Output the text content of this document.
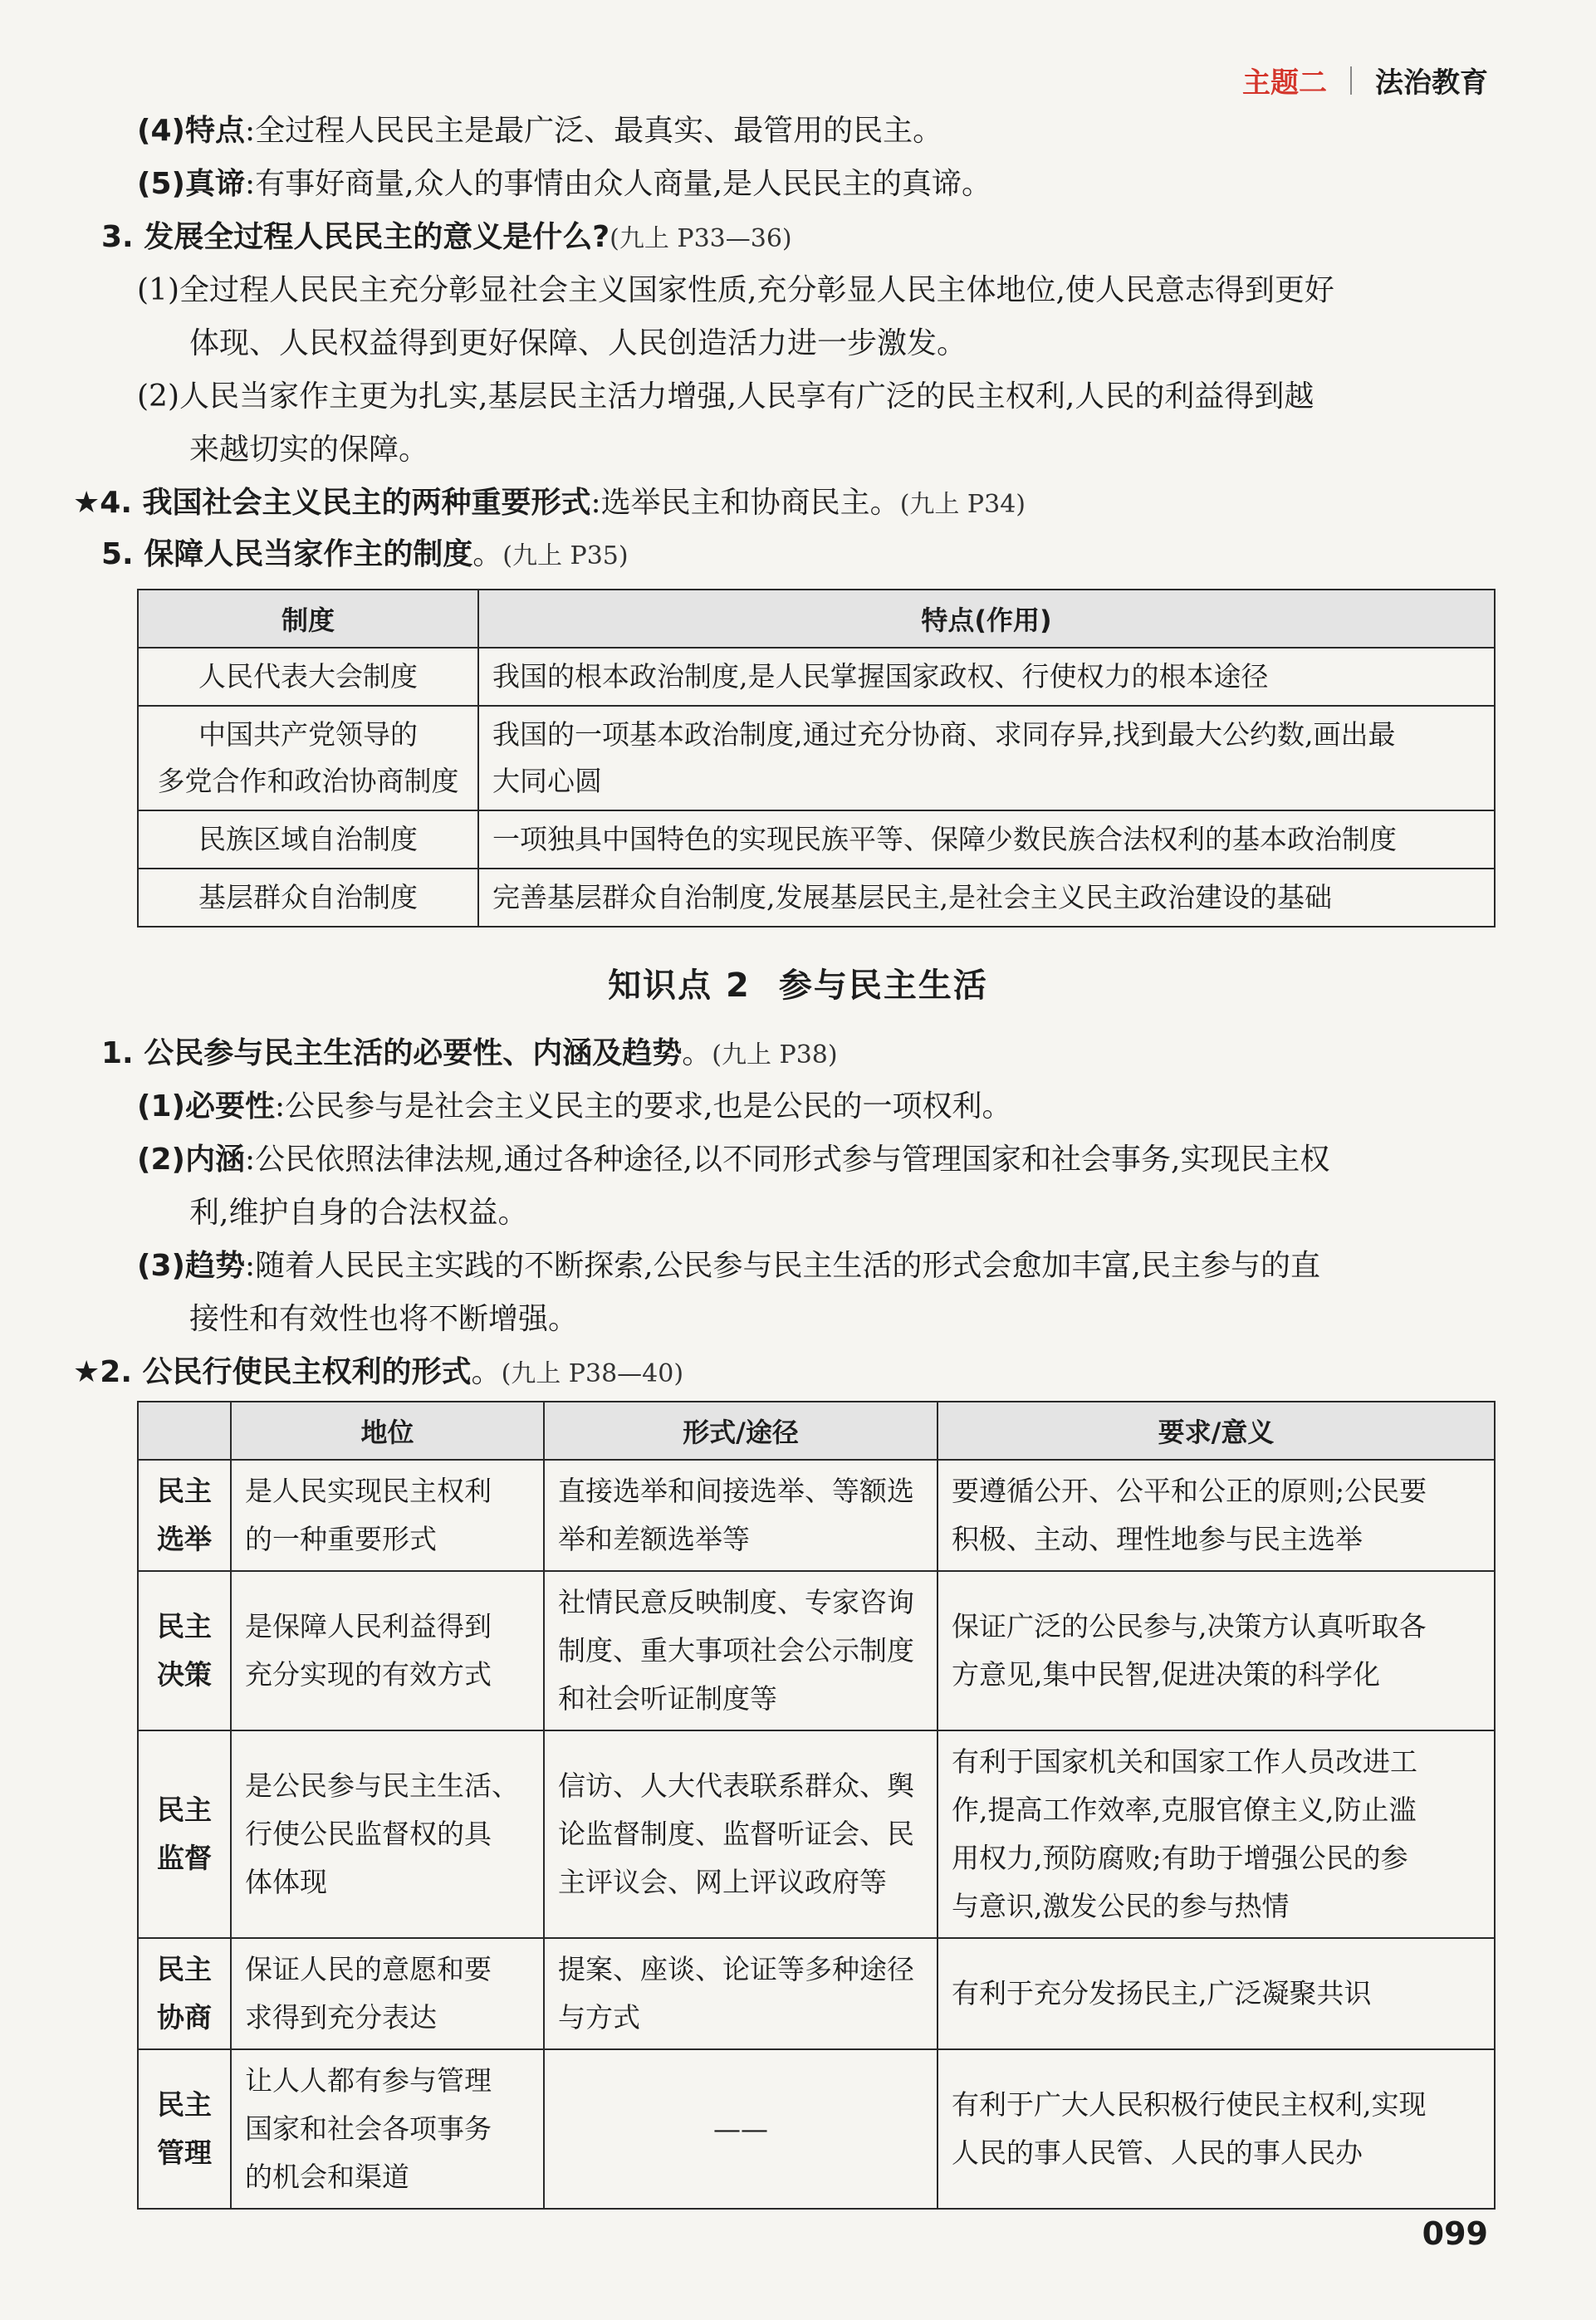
主题二 法治教育
(4)特点:全过程人民民主是最广泛、最真实、最管用的民主。
(5)真谛:有事好商量,众人的事情由众人商量,是人民民主的真谛。
3. 发展全过程人民民主的意义是什么?(九上 P33—36)
(1)全过程人民民主充分彰显社会主义国家性质,充分彰显人民主体地位,使人民意志得到更好
体现、人民权益得到更好保障、人民创造活力进一步激发。
(2)人民当家作主更为扎实,基层民主活力增强,人民享有广泛的民主权利,人民的利益得到越
来越切实的保障。
★4. 我国社会主义民主的两种重要形式:选举民主和协商民主。(九上 P34)
5. 保障人民当家作主的制度。(九上 P35)
制度	特点(作用)

人民代表大会制度	我国的根本政治制度,是人民掌握国家政权、行使权力的根本途径

中国共产党领导的
多党合作和政治协商制度	我国的一项基本政治制度,通过充分协商、求同存异,找到最大公约数,画出最
大同心圆

民族区域自治制度	一项独具中国特色的实现民族平等、保障少数民族合法权利的基本政治制度

基层群众自治制度	完善基层群众自治制度,发展基层民主,是社会主义民主政治建设的基础
知识点 2 参与民主生活
1. 公民参与民主生活的必要性、内涵及趋势。(九上 P38)
(1)必要性:公民参与是社会主义民主的要求,也是公民的一项权利。
(2)内涵:公民依照法律法规,通过各种途径,以不同形式参与管理国家和社会事务,实现民主权
利,维护自身的合法权益。
(3)趋势:随着人民民主实践的不断探索,公民参与民主生活的形式会愈加丰富,民主参与的直
接性和有效性也将不断增强。
★2. 公民行使民主权利的形式。(九上 P38—40)
	地位	形式/途径	要求/意义

民主
选举	是人民实现民主权利
的一种重要形式	直接选举和间接选举、等额选
举和差额选举等	要遵循公开、公平和公正的原则;公民要
积极、主动、理性地参与民主选举

民主
决策	是保障人民利益得到
充分实现的有效方式	社情民意反映制度、专家咨询
制度、重大事项社会公示制度
和社会听证制度等	保证广泛的公民参与,决策方认真听取各
方意见,集中民智,促进决策的科学化

民主
监督	是公民参与民主生活、
行使公民监督权的具
体体现	信访、人大代表联系群众、舆
论监督制度、监督听证会、民
主评议会、网上评议政府等	有利于国家机关和国家工作人员改进工
作,提高工作效率,克服官僚主义,防止滥
用权力,预防腐败;有助于增强公民的参
与意识,激发公民的参与热情

民主
协商	保证人民的意愿和要
求得到充分表达	提案、座谈、论证等多种途径
与方式	有利于充分发扬民主,广泛凝聚共识

民主
管理	让人人都有参与管理
国家和社会各项事务
的机会和渠道	——	有利于广大人民积极行使民主权利,实现
人民的事人民管、人民的事人民办
099
